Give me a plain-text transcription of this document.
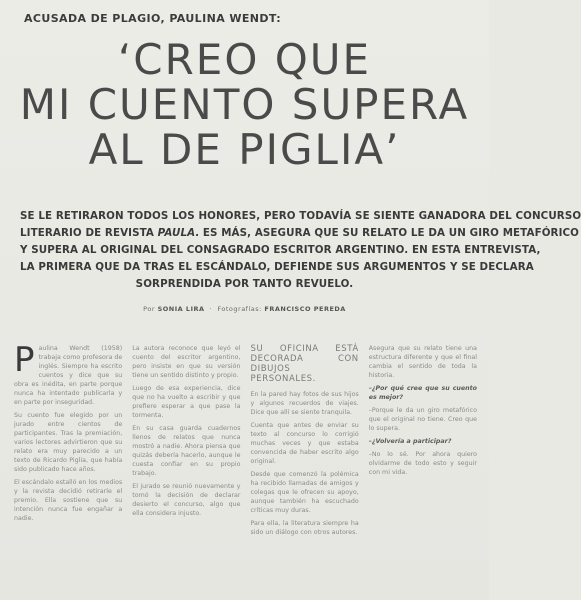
ACUSADA DE PLAGIO, PAULINA WENDT:
‘CREO QUE
MI CUENTO SUPERA
AL DE PIGLIA’
SE LE RETIRARON TODOS LOS HONORES, PERO TODAVÍA SE SIENTE GANADORA DEL CONCURSO
LITERARIO DE REVISTA PAULA. ES MÁS, ASEGURA QUE SU RELATO LE DA UN GIRO METAFÓRICO
Y SUPERA AL ORIGINAL DEL CONSAGRADO ESCRITOR ARGENTINO. EN ESTA ENTREVISTA,
LA PRIMERA QUE DA TRAS EL ESCÁNDALO, DEFIENDE SUS ARGUMENTOS Y SE DECLARA
SORPRENDIDA POR TANTO REVUELO.
Por SONIA LIRA  ·  Fotografías: FRANCISCO PEREDA

Paulina Wendt (1958) trabaja como profesora de inglés. Siempre ha escrito cuentos y dice que su obra es inédita, en parte porque nunca ha intentado publicarla y en parte por inseguridad.

Su cuento fue elegido por un jurado entre cientos de participantes. Tras la premiación, varios lectores advirtieron que su relato era muy parecido a un texto de Ricardo Piglia, que había sido publicado hace años.

El escándalo estalló en los medios y la revista decidió retirarle el premio. Ella sostiene que su intención nunca fue engañar a nadie.

La autora reconoce que leyó el cuento del escritor argentino, pero insiste en que su versión tiene un sentido distinto y propio.

Luego de esa experiencia, dice que no ha vuelto a escribir y que prefiere esperar a que pase la tormenta.

En su casa guarda cuadernos llenos de relatos que nunca mostró a nadie. Ahora piensa que quizás debería hacerlo, aunque le cuesta confiar en su propio trabajo.

El jurado se reunió nuevamente y tomó la decisión de declarar desierto el concurso, algo que ella considera injusto.

SU OFICINA ESTÁ DECORADA CON DIBUJOS PERSONALES.

En la pared hay fotos de sus hijos y algunos recuerdos de viajes. Dice que allí se siente tranquila.

Cuenta que antes de enviar su texto al concurso lo corrigió muchas veces y que estaba convencida de haber escrito algo original.

Desde que comenzó la polémica ha recibido llamadas de amigos y colegas que le ofrecen su apoyo, aunque también ha escuchado críticas muy duras.

Para ella, la literatura siempre ha sido un diálogo con otros autores.

Asegura que su relato tiene una estructura diferente y que el final cambia el sentido de toda la historia.

–¿Por qué cree que su cuento es mejor?

–Porque le da un giro metafórico que el original no tiene. Creo que lo supera.

–¿Volvería a participar?

–No lo sé. Por ahora quiero olvidarme de todo esto y seguir con mi vida.
